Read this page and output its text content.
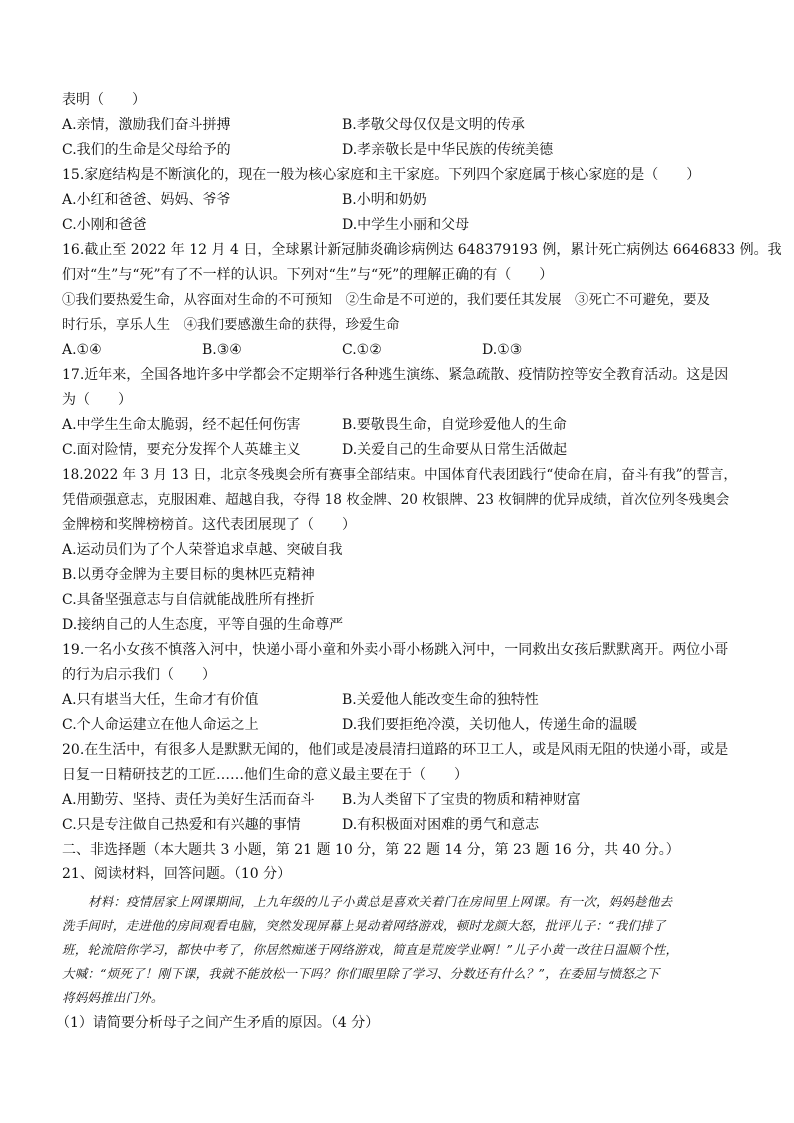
表明（　　）
A.亲情，激励我们奋斗拼搏	B.孝敬父母仅仅是文明的传承
C.我们的生命是父母给予的	D.孝亲敬长是中华民族的传统美德
15.家庭结构是不断演化的，现在一般为核心家庭和主干家庭。下列四个家庭属于核心家庭的是（　　）
A.小红和爸爸、妈妈、爷爷	B.小明和奶奶
C.小刚和爸爸	D.中学生小丽和父母
16.截止至 2022 年 12 月 4 日，全球累计新冠肺炎确诊病例达 648379193 例，累计死亡病例达 6646833 例。我
们对“生”与“死”有了不一样的认识。下列对“生”与“死”的理解正确的有（　　）
①我们要热爱生命，从容面对生命的不可预知　②生命是不可逆的，我们要任其发展　③死亡不可避免，要及
时行乐，享乐人生　④我们要感激生命的获得，珍爱生命
A.①④	B.③④	C.①②	D.①③
17.近年来，全国各地许多中学都会不定期举行各种逃生演练、紧急疏散、疫情防控等安全教育活动。这是因
为（　　）
A.中学生生命太脆弱，经不起任何伤害	B.要敬畏生命，自觉珍爱他人的生命
C.面对险情，要充分发挥个人英雄主义	D.关爱自己的生命要从日常生活做起
18.2022 年 3 月 13 日，北京冬残奥会所有赛事全部结束。中国体育代表团践行“使命在肩，奋斗有我”的誓言，
凭借顽强意志，克服困难、超越自我，夺得 18 枚金牌、20 枚银牌、23 枚铜牌的优异成绩，首次位列冬残奥会
金牌榜和奖牌榜榜首。这代表团展现了（　　）
A.运动员们为了个人荣誉追求卓越、突破自我
B.以勇夺金牌为主要目标的奥林匹克精神
C.具备坚强意志与自信就能战胜所有挫折
D.接纳自己的人生态度，平等自强的生命尊严
19.一名小女孩不慎落入河中，快递小哥小童和外卖小哥小杨跳入河中，一同救出女孩后默默离开。两位小哥
的行为启示我们（　　）
A.只有堪当大任，生命才有价值	B.关爱他人能改变生命的独特性
C.个人命运建立在他人命运之上	D.我们要拒绝冷漠，关切他人，传递生命的温暖
20.在生活中，有很多人是默默无闻的，他们或是凌晨清扫道路的环卫工人，或是风雨无阻的快递小哥，或是
日复一日精研技艺的工匠……他们生命的意义最主要在于（　　）
A.用勤劳、坚持、责任为美好生活而奋斗 B.为人类留下了宝贵的物质和精神财富
C.只是专注做自己热爱和有兴趣的事情	D.有积极面对困难的勇气和意志
二、非选择题（本大题共 3 小题，第 21 题 10 分，第 22 题 14 分，第 23 题 16 分，共 40 分。）
21、阅读材料，回答问题。（10 分）
材料：疫情居家上网课期间，上九年级的儿子小黄总是喜欢关着门在房间里上网课。有一次，妈妈趁他去
洗手间时，走进他的房间观看电脑，突然发现屏幕上晃动着网络游戏，顿时龙颜大怒，批评儿子：“我们排了
班，轮流陪你学习，都快中考了，你居然痴迷于网络游戏，简直是荒废学业啊！”儿子小黄一改往日温顺个性，
大喊：“烦死了！刚下课，我就不能放松一下吗？你们眼里除了学习、分数还有什么？”，在委屈与愤怒之下
将妈妈推出门外。
（1）请简要分析母子之间产生矛盾的原因。（4 分）
